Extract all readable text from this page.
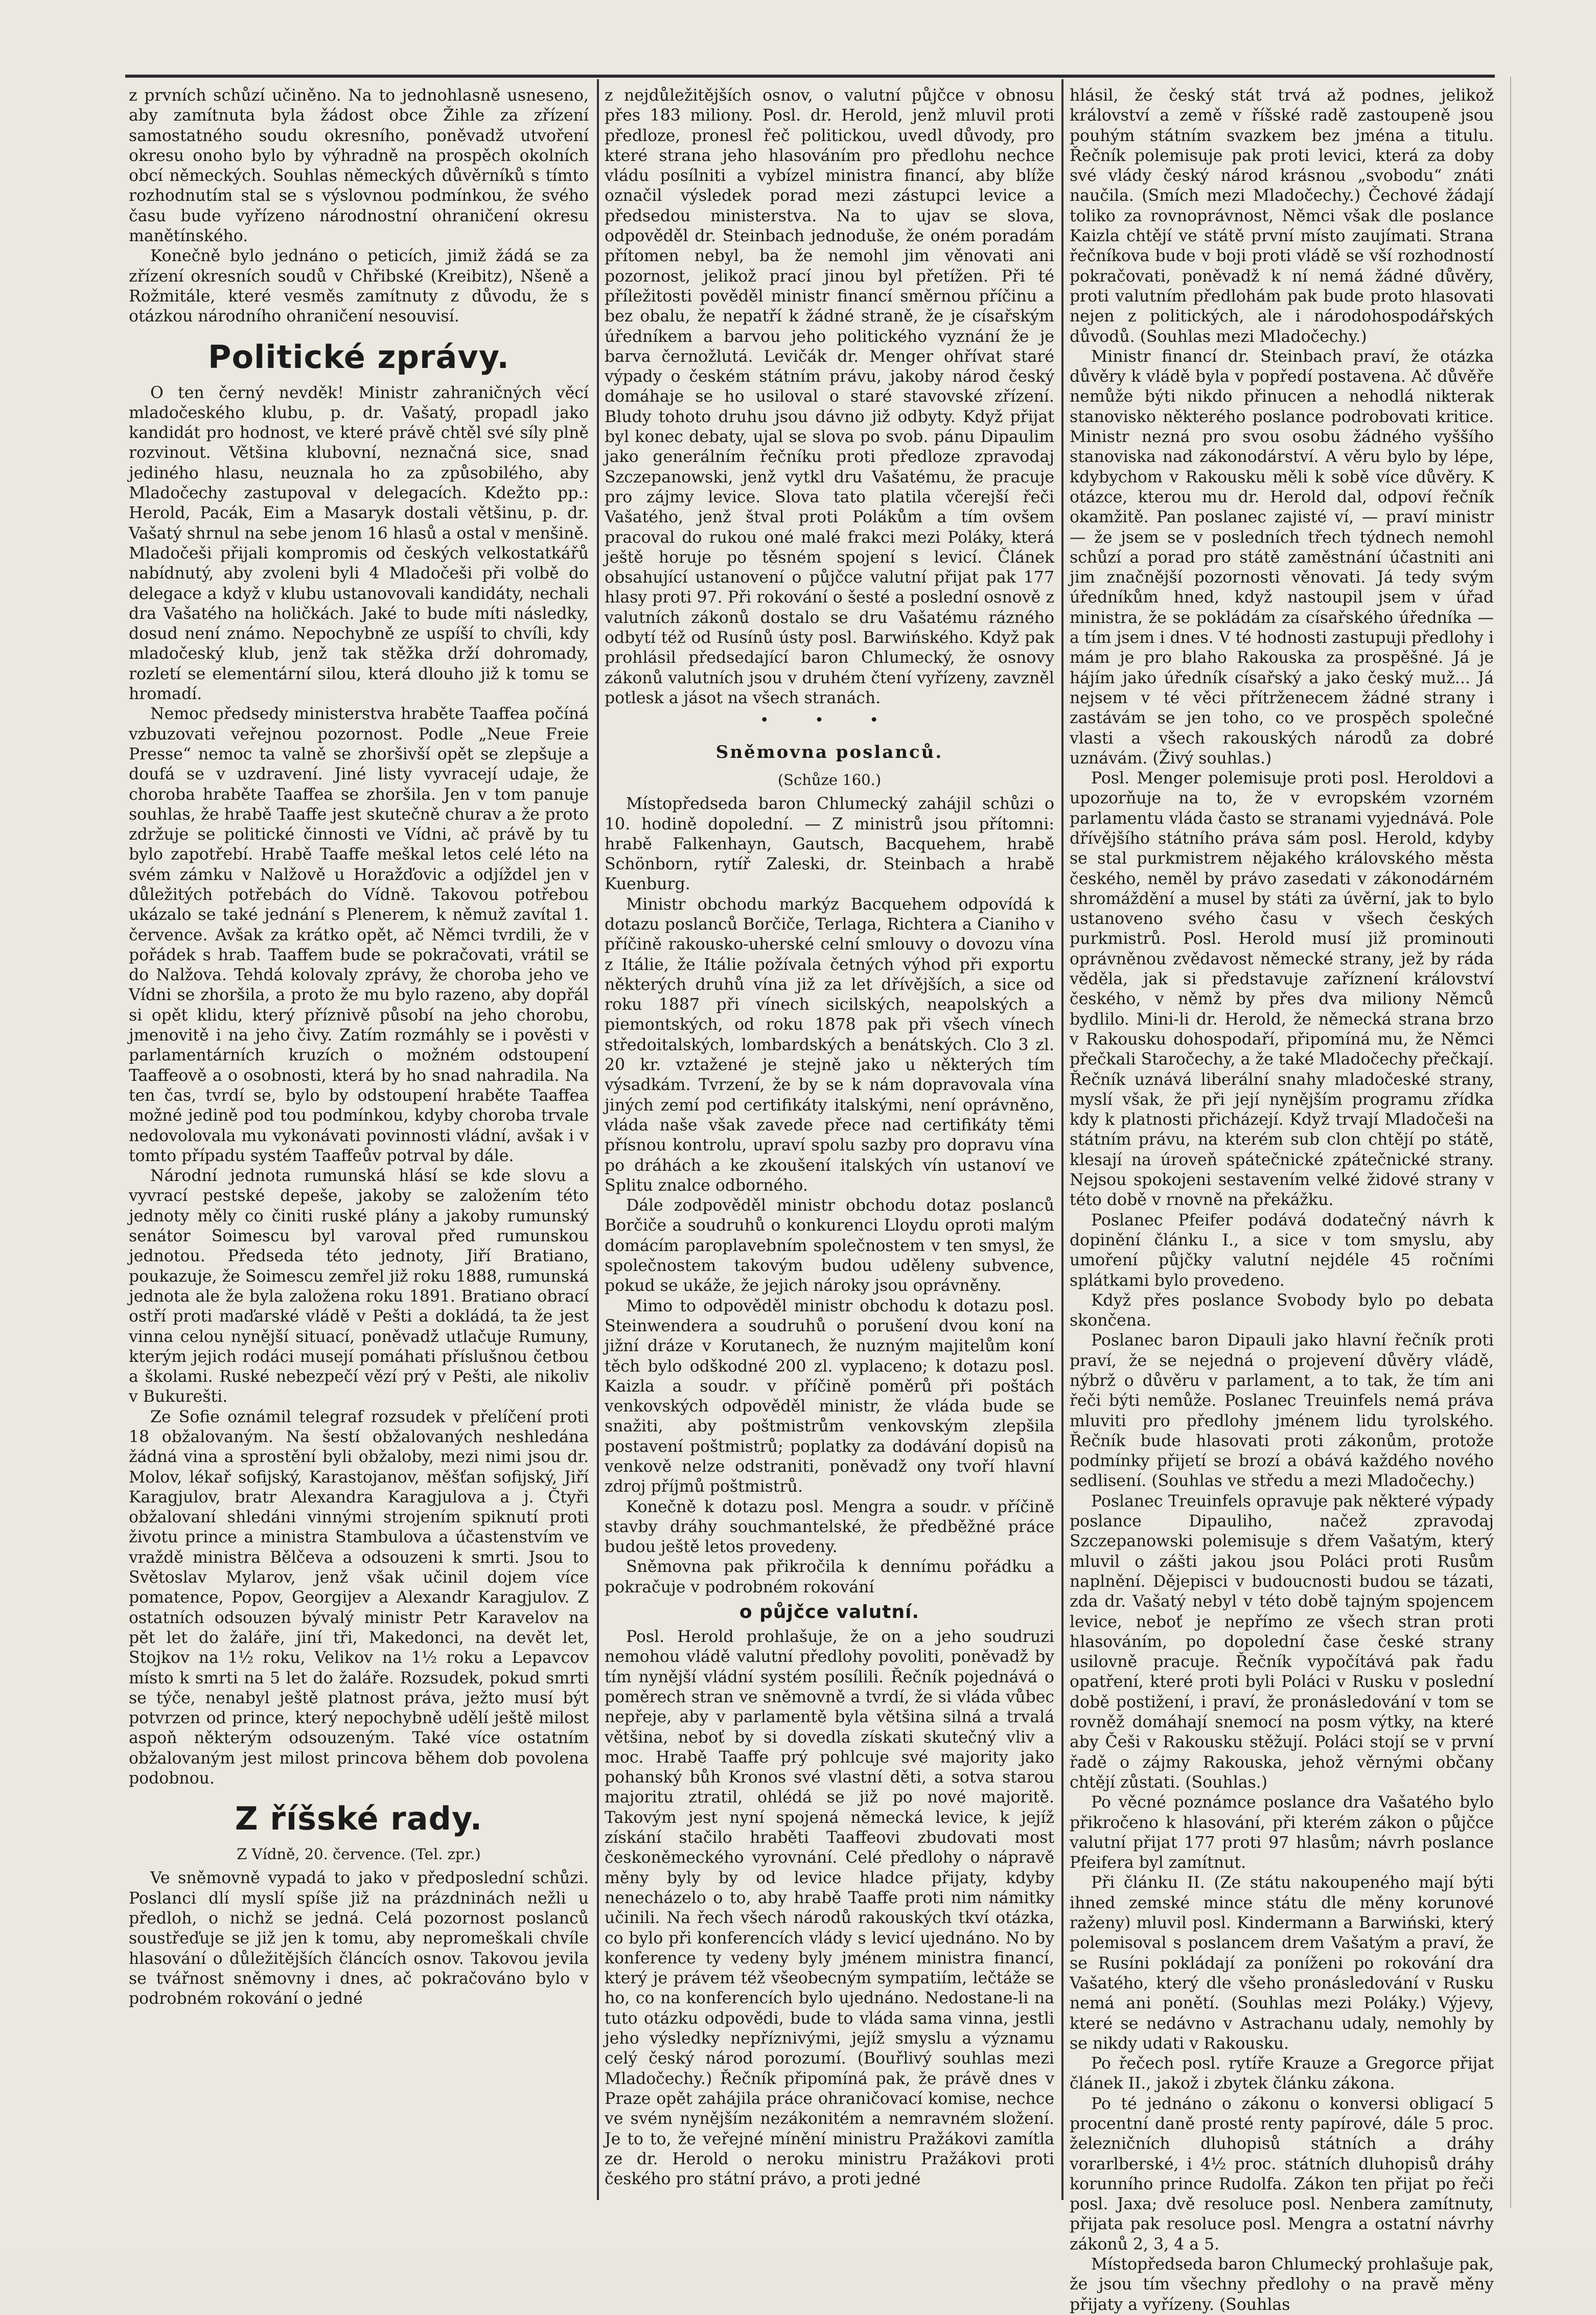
z prvních schůzí učiněno. Na to jednohlasně usneseno, aby zamítnuta byla žádost obce Žihle za zřízení samostatného soudu okresního, poněvadž utvoření okresu onoho bylo by výhradně na prospěch okolních obcí německých. Souhlas německých důvěrníků s tímto rozhodnutím stal se s výslovnou podmínkou, že svého času bude vyřízeno národnostní ohraničení okresu manětínského.

Konečně bylo jednáno o peticích, jimiž žádá se za zřízení okresních soudů v Chřibské (Kreibitz), Nšeně a Rožmitále, které vesměs zamítnuty z důvodu, že s otázkou národního ohraničení nesouvisí.

Politické zprávy.

O ten černý nevděk! Ministr zahraničných věcí mladočeského klubu, p. dr. Vašatý, propadl jako kandidát pro hodnost, ve které právě chtěl své síly plně rozvinout. Většina klubovní, neznačná sice, snad jediného hlasu, neuznala ho za způsobilého, aby Mladočechy zastupoval v delegacích. Kdežto pp.: Herold, Pacák, Eim a Masaryk dostali většinu, p. dr. Vašatý shrnul na sebe jenom 16 hlasů a ostal v menšině. Mladočeši přijali kompromis od českých velkostatkářů nabídnutý, aby zvoleni byli 4 Mladočeši při volbě do delegace a když v klubu ustanovovali kandidáty, nechali dra Vašatého na holičkách. Jaké to bude míti následky, dosud není známo. Nepochybně ze uspíší to chvíli, kdy mladočeský klub, jenž tak stěžka drží dohromady, rozletí se elementární silou, která dlouho již k tomu se hromadí.

Nemoc předsedy ministerstva hraběte Taaffea počíná vzbuzovati veřejnou pozornost. Podle „Neue Freie Presse“ nemoc ta valně se zhoršivší opět se zlepšuje a doufá se v uzdravení. Jiné listy vyvracejí udaje, že choroba hraběte Taaffea se zhoršila. Jen v tom panuje souhlas, že hrabě Taaffe jest skutečně churav a že proto zdržuje se politické činnosti ve Vídni, ač právě by tu bylo zapotřebí. Hrabě Taaffe meškal letos celé léto na svém zámku v Nalžově u Horažďovic a odjíždel jen v důležitých potřebách do Vídně. Takovou potřebou ukázalo se také jednání s Plenerem, k němuž zavítal 1. července. Avšak za krátko opět, ač Němci tvrdili, že v pořádek s hrab. Taaffem bude se pokračovati, vrátil se do Nalžova. Tehdá kolovaly zprávy, že choroba jeho ve Vídni se zhoršila, a proto že mu bylo razeno, aby dopřál si opět klidu, který příznivě působí na jeho chorobu, jmenovitě i na jeho čivy. Zatím rozmáhly se i pověsti v parlamentárních kruzích o možném odstoupení Taaffeově a o osobnosti, která by ho snad nahradila. Na ten čas, tvrdí se, bylo by odstoupení hraběte Taaffea možné jedině pod tou podmínkou, kdyby choroba trvale nedovolovala mu vykonávati povinnosti vládní, avšak i v tomto případu systém Taaffeův potrval by dále.

Národní jednota rumunská hlásí se kde slovu a vyvrací pestské depeše, jakoby se založením této jednoty měly co činiti ruské plány a jakoby rumunský senátor Soimescu byl varoval před rumunskou jednotou. Předseda této jednoty, Jiří Bratiano, poukazuje, že Soimescu zemřel již roku 1888, rumunská jednota ale že byla založena roku 1891. Bratiano obrací ostří proti maďarské vládě v Pešti a dokládá, ta že jest vinna celou nynější situací, poněvadž utlačuje Rumuny, kterým jejich rodáci musejí pomáhati příslušnou četbou a školami. Ruské nebezpečí vězí prý v Pešti, ale nikoliv v Bukurešti.

Ze Sofie oznámil telegraf rozsudek v přelíčení proti 18 obžalovaným. Na šestí obžalovaných neshledána žádná vina a sprostění byli obžaloby, mezi nimi jsou dr. Molov, lékař sofijský, Karastojanov, měšťan sofijský, Jiří Karagjulov, bratr Alexandra Karagjulova a j. Čtyři obžalovaní shledáni vinnými strojením spiknutí proti životu prince a ministra Stambulova a účastenstvím ve vraždě ministra Bělčeva a odsouzeni k smrti. Jsou to Světoslav Mylarov, jenž však učinil dojem více pomatence, Popov, Georgijev a Alexandr Karagjulov. Z ostatních odsouzen bývalý ministr Petr Karavelov na pět let do žaláře, jiní tři, Makedonci, na devět let, Stojkov na 1½ roku, Velikov na 1½ roku a Lepavcov místo k smrti na 5 let do žaláře. Rozsudek, pokud smrti se týče, nenabyl ještě platnost práva, ježto musí být potvrzen od prince, který nepochybně udělí ještě milost aspoň některým odsouzeným. Také více ostatním obžalovaným jest milost princova během dob povolena podobnou.

Z říšské rady.
Z Vídně, 20. července. (Tel. zpr.)

Ve sněmovně vypadá to jako v předposlední schůzi. Poslanci dlí myslí spíše již na prázdninách nežli u předloh, o nichž se jedná. Celá pozornost poslanců soustřeďuje se již jen k tomu, aby nepromeškali chvíle hlasování o důležitějších článcích osnov. Takovou jevila se tvářnost sněmovny i dnes, ač pokračováno bylo v podrobném rokování o jedné

z nejdůležitějších osnov, o valutní půjčce v obnosu přes 183 miliony. Posl. dr. Herold, jenž mluvil proti předloze, pronesl řeč politickou, uvedl důvody, pro které strana jeho hlasováním pro předlohu nechce vládu posílniti a vybízel ministra financí, aby blíže označil výsledek porad mezi zástupci levice a předsedou ministerstva. Na to ujav se slova, odpověděl dr. Steinbach jednoduše, že oném poradám přítomen nebyl, ba že nemohl jim věnovati ani pozornost, jelikož prací jinou byl přetížen. Při té příležitosti pověděl ministr financí směrnou příčinu a bez obalu, že nepatří k žádné straně, že je císařským úředníkem a barvou jeho politického vyznání že je barva černožlutá. Levičák dr. Menger ohřívat staré výpady o českém státním právu, jakoby národ český domáhaje se ho usiloval o staré stavovské zřízení. Bludy tohoto druhu jsou dávno již odbyty. Když přijat byl konec debaty, ujal se slova po svob. pánu Dipaulim jako generálním řečníku proti předloze zpravodaj Szczepanowski, jenž vytkl dru Vašatému, že pracuje pro zájmy levice. Slova tato platila včerejší řeči Vašatého, jenž štval proti Polákům a tím ovšem pracoval do rukou oné malé frakci mezi Poláky, která ještě horuje po těsném spojení s levicí. Článek obsahující ustanovení o půjčce valutní přijat pak 177 hlasy proti 97. Při rokování o šesté a poslední osnově z valutních zákonů dostalo se dru Vašatému rázného odbytí též od Rusínů ústy posl. Barwińského. Když pak prohlásil předsedající baron Chlumecký, že osnovy zákonů valutních jsou v druhém čtení vyřízeny, zavzněl potlesk a jásot na všech stranách.

• • •
Sněmovna poslanců.
(Schůze 160.)

Místopředseda baron Chlumecký zahájil schůzi o 10. hodině dopolední. — Z ministrů jsou přítomni: hrabě Falkenhayn, Gautsch, Bacquehem, hrabě Schönborn, rytíř Zaleski, dr. Steinbach a hrabě Kuenburg.

Ministr obchodu markýz Bacquehem odpovídá k dotazu poslanců Borčiče, Terlaga, Richtera a Cianiho v příčině rakousko-uherské celní smlouvy o dovozu vína z Itálie, že Itálie požívala četných výhod při exportu některých druhů vína již za let dřívějších, a sice od roku 1887 při vínech sicilských, neapolských a piemontských, od roku 1878 pak při všech vínech středoitalských, lombardských a benátských. Clo 3 zl. 20 kr. vztažené je stejně jako u některých tím výsadkám. Tvrzení, že by se k nám dopravovala vína jiných zemí pod certifikáty italskými, není oprávněno, vláda naše však zavede přece nad certifikáty těmi přísnou kontrolu, upraví spolu sazby pro dopravu vína po dráhách a ke zkoušení italských vín ustanoví ve Splitu znalce odborného.

Dále zodpověděl ministr obchodu dotaz poslanců Borčiče a soudruhů o konkurenci Lloydu oproti malým domácím paroplavebním společnostem v ten smysl, že společnostem takovým budou uděleny subvence, pokud se ukáže, že jejich nároky jsou oprávněny.

Mimo to odpověděl ministr obchodu k dotazu posl. Steinwendera a soudruhů o porušení dvou koní na jižní dráze v Korutanech, že nuzným majitelům koní těch bylo odškodné 200 zl. vyplaceno; k dotazu posl. Kaizla a soudr. v příčině poměrů při poštách venkovských odpověděl ministr, že vláda bude se snažiti, aby poštmistrům venkovským zlepšila postavení poštmistrů; poplatky za dodávání dopisů na venkově nelze odstraniti, poněvadž ony tvoří hlavní zdroj příjmů poštmistrů.

Konečně k dotazu posl. Mengra a soudr. v příčině stavby dráhy souchmantelské, že předběžné práce budou ještě letos provedeny.

Sněmovna pak přikročila k dennímu pořádku a pokračuje v podrobném rokování

o půjčce valutní.

Posl. Herold prohlašuje, že on a jeho soudruzi nemohou vládě valutní předlohy povoliti, poněvadž by tím nynější vládní systém posílili. Řečník pojednává o poměrech stran ve sněmovně a tvrdí, že si vláda vůbec nepřeje, aby v parlamentě byla většina silná a trvalá většina, neboť by si dovedla získati skutečný vliv a moc. Hrabě Taaffe prý pohlcuje své majority jako pohanský bůh Kronos své vlastní děti, a sotva starou majoritu ztratil, ohlédá se již po nové majoritě. Takovým jest nyní spojená německá levice, k jejíž získání stačilo hraběti Taaffeovi zbudovati most českoněmeckého vyrovnání. Celé předlohy o nápravě měny byly by od levice hladce přijaty, kdyby nenecházelo o to, aby hrabě Taaffe proti nim námitky učinili. Na řech všech národů rakouských tkví otázka, co bylo při konferencích vlády s levicí ujednáno. No by konference ty vedeny byly jménem ministra financí, který je právem též všeobecným sympatiím, lečtáže se ho, co na konferencích bylo ujednáno. Nedostane-li na tuto otázku odpovědi, bude to vláda sama vinna, jestli jeho výsledky nepříznivými, jejíž smyslu a významu celý český národ porozumí. (Bouřlivý souhlas mezi Mladočechy.) Řečník připomíná pak, že právě dnes v Praze opět zahájila práce ohraničovací komise, nechce ve svém nynějším nezákonitém a nemravném složení. Je to to, že veřejné mínění ministru Pražákovi zamítla ze dr. Herold o neroku ministru Pražákovi proti českého pro státní právo, a proti jedné

hlásil, že český stát trvá až podnes, jelikož království a země v říšské radě zastoupeně jsou pouhým státním svazkem bez jména a titulu. Řečník polemisuje pak proti levici, která za doby své vlády český národ krásnou „svobodu“ znáti naučila. (Smích mezi Mladočechy.) Čechové žádají toliko za rovnoprávnost, Němci však dle poslance Kaizla chtějí ve státě první místo zaujímati. Strana řečníkova bude v boji proti vládě se vší rozhodností pokračovati, poněvadž k ní nemá žádné důvěry, proti valutním předlohám pak bude proto hlasovati nejen z politických, ale i národohospodářských důvodů. (Souhlas mezi Mladočechy.)

Ministr financí dr. Steinbach praví, že otázka důvěry k vládě byla v popředí postavena. Ač důvěře nemůže býti nikdo přinucen a nehodlá nikterak stanovisko některého poslance podrobovati kritice. Ministr nezná pro svou osobu žádného vyššího stanoviska nad zákonodárství. A věru bylo by lépe, kdybychom v Rakousku měli k sobě více důvěry. K otázce, kterou mu dr. Herold dal, odpoví řečník okamžitě. Pan poslanec zajisté ví, — praví ministr — že jsem se v posledních třech týdnech nemohl schůzí a porad pro státě zaměstnání účastniti ani jim značnější pozornosti věnovati. Já tedy svým úředníkům hned, když nastoupil jsem v úřad ministra, že se pokládám za císařského úředníka — a tím jsem i dnes. V té hodnosti zastupuji předlohy i mám je pro blaho Rakouska za prospěšné. Já je hájím jako úředník císařský a jako český muž... Já nejsem v té věci přítrženecem žádné strany i zastávám se jen toho, co ve prospěch společné vlasti a všech rakouských národů za dobré uznávám. (Živý souhlas.)

Posl. Menger polemisuje proti posl. Heroldovi a upozorňuje na to, že v evropském vzorném parlamentu vláda často se stranami vyjednává. Pole dřívějšího státního práva sám posl. Herold, kdyby se stal purkmistrem nějakého královského města českého, neměl by právo zasedati v zákonodárném shromáždění a musel by státi za úvěrní, jak to bylo ustanoveno svého času v všech českých purkmistrů. Posl. Herold musí již prominouti oprávněnou zvědavost německé strany, jež by ráda věděla, jak si představuje zaříznení království českého, v němž by přes dva miliony Němců bydlilo. Mini-li dr. Herold, že německá strana brzo v Rakousku dohospodaří, připomíná mu, že Němci přečkali Staročechy, a že také Mladočechy přečkají. Řečník uznává liberální snahy mladočeské strany, myslí však, že při její nynějším programu zřídka kdy k platnosti přicházejí. Když trvají Mladočeši na státním právu, na kterém sub clon chtějí po státě, klesají na úroveň spátečnické zpátečnické strany. Nejsou spokojeni sestavením velké židové strany v této době v rnovně na překážku.

Poslanec Pfeifer podává dodatečný návrh k dopinění článku I., a sice v tom smyslu, aby umoření půjčky valutní nejdéle 45 ročními splátkami bylo provedeno.

Když přes poslance Svobody bylo po debata skončena.

Poslanec baron Dipauli jako hlavní řečník proti praví, že se nejedná o projevení důvěry vládě, nýbrž o důvěru v parlament, a to tak, že tím ani řeči býti nemůže. Poslanec Treuinfels nemá práva mluviti pro předlohy jménem lidu tyrolského. Řečník bude hlasovati proti zákonům, protože podmínky přijetí se brozí a obává každého nového sedlisení. (Souhlas ve středu a mezi Mladočechy.)

Poslanec Treuinfels opravuje pak některé výpady poslance Dipauliho, načež zpravodaj Szczepanowski polemisuje s dřem Vašatým, který mluvil o zášti jakou jsou Poláci proti Rusům naplnění. Dějepisci v budoucnosti budou se tázati, zda dr. Vašatý nebyl v této době tajným spojencem levice, neboť je nepřímo ze všech stran proti hlasováním, po dopolední čase české strany usilovně pracuje. Řečník vypočítává pak řadu opatření, které proti byli Poláci v Rusku v poslední době postižení, i praví, že pronásledování v tom se rovněž domáhají snemocí na posm výtky, na které aby Češi v Rakousku stěžují. Poláci stojí se v první řadě o zájmy Rakouska, jehož věrnými občany chtějí zůstati. (Souhlas.)

Po věcné poznámce poslance dra Vašatého bylo přikročeno k hlasování, při kterém zákon o půjčce valutní přijat 177 proti 97 hlasům; návrh poslance Pfeifera byl zamítnut.

Při článku II. (Ze státu nakoupeného mají býti ihned zemské mince státu dle měny korunové raženy) mluvil posl. Kindermann a Barwiński, který polemisoval s poslancem drem Vašatým a praví, že se Rusíni pokládají za poníženi po rokování dra Vašatého, který dle všeho pronásledování v Rusku nemá ani ponětí. (Souhlas mezi Poláky.) Výjevy, které se nedávno v Astrachanu udaly, nemohly by se nikdy udati v Rakousku.

Po řečech posl. rytíře Krauze a Gregorce přijat článek II., jakož i zbytek článku zákona.

Po té jednáno o zákonu o konversi obligací 5 procentní daně prosté renty papírové, dále 5 proc. železničních dluhopisů státních a dráhy vorarlberské, i 4½ proc. státních dluhopisů dráhy korunního prince Rudolfa. Zákon ten přijat po řeči posl. Jaxa; dvě resoluce posl. Nenbera zamítnuty, přijata pak resoluce posl. Mengra a ostatní návrhy zákonů 2, 3, 4 a 5.

Místopředseda baron Chlumecký prohlašuje pak, že jsou tím všechny předlohy o na pravě měny přijaty a vyřízeny. (Souhlas
